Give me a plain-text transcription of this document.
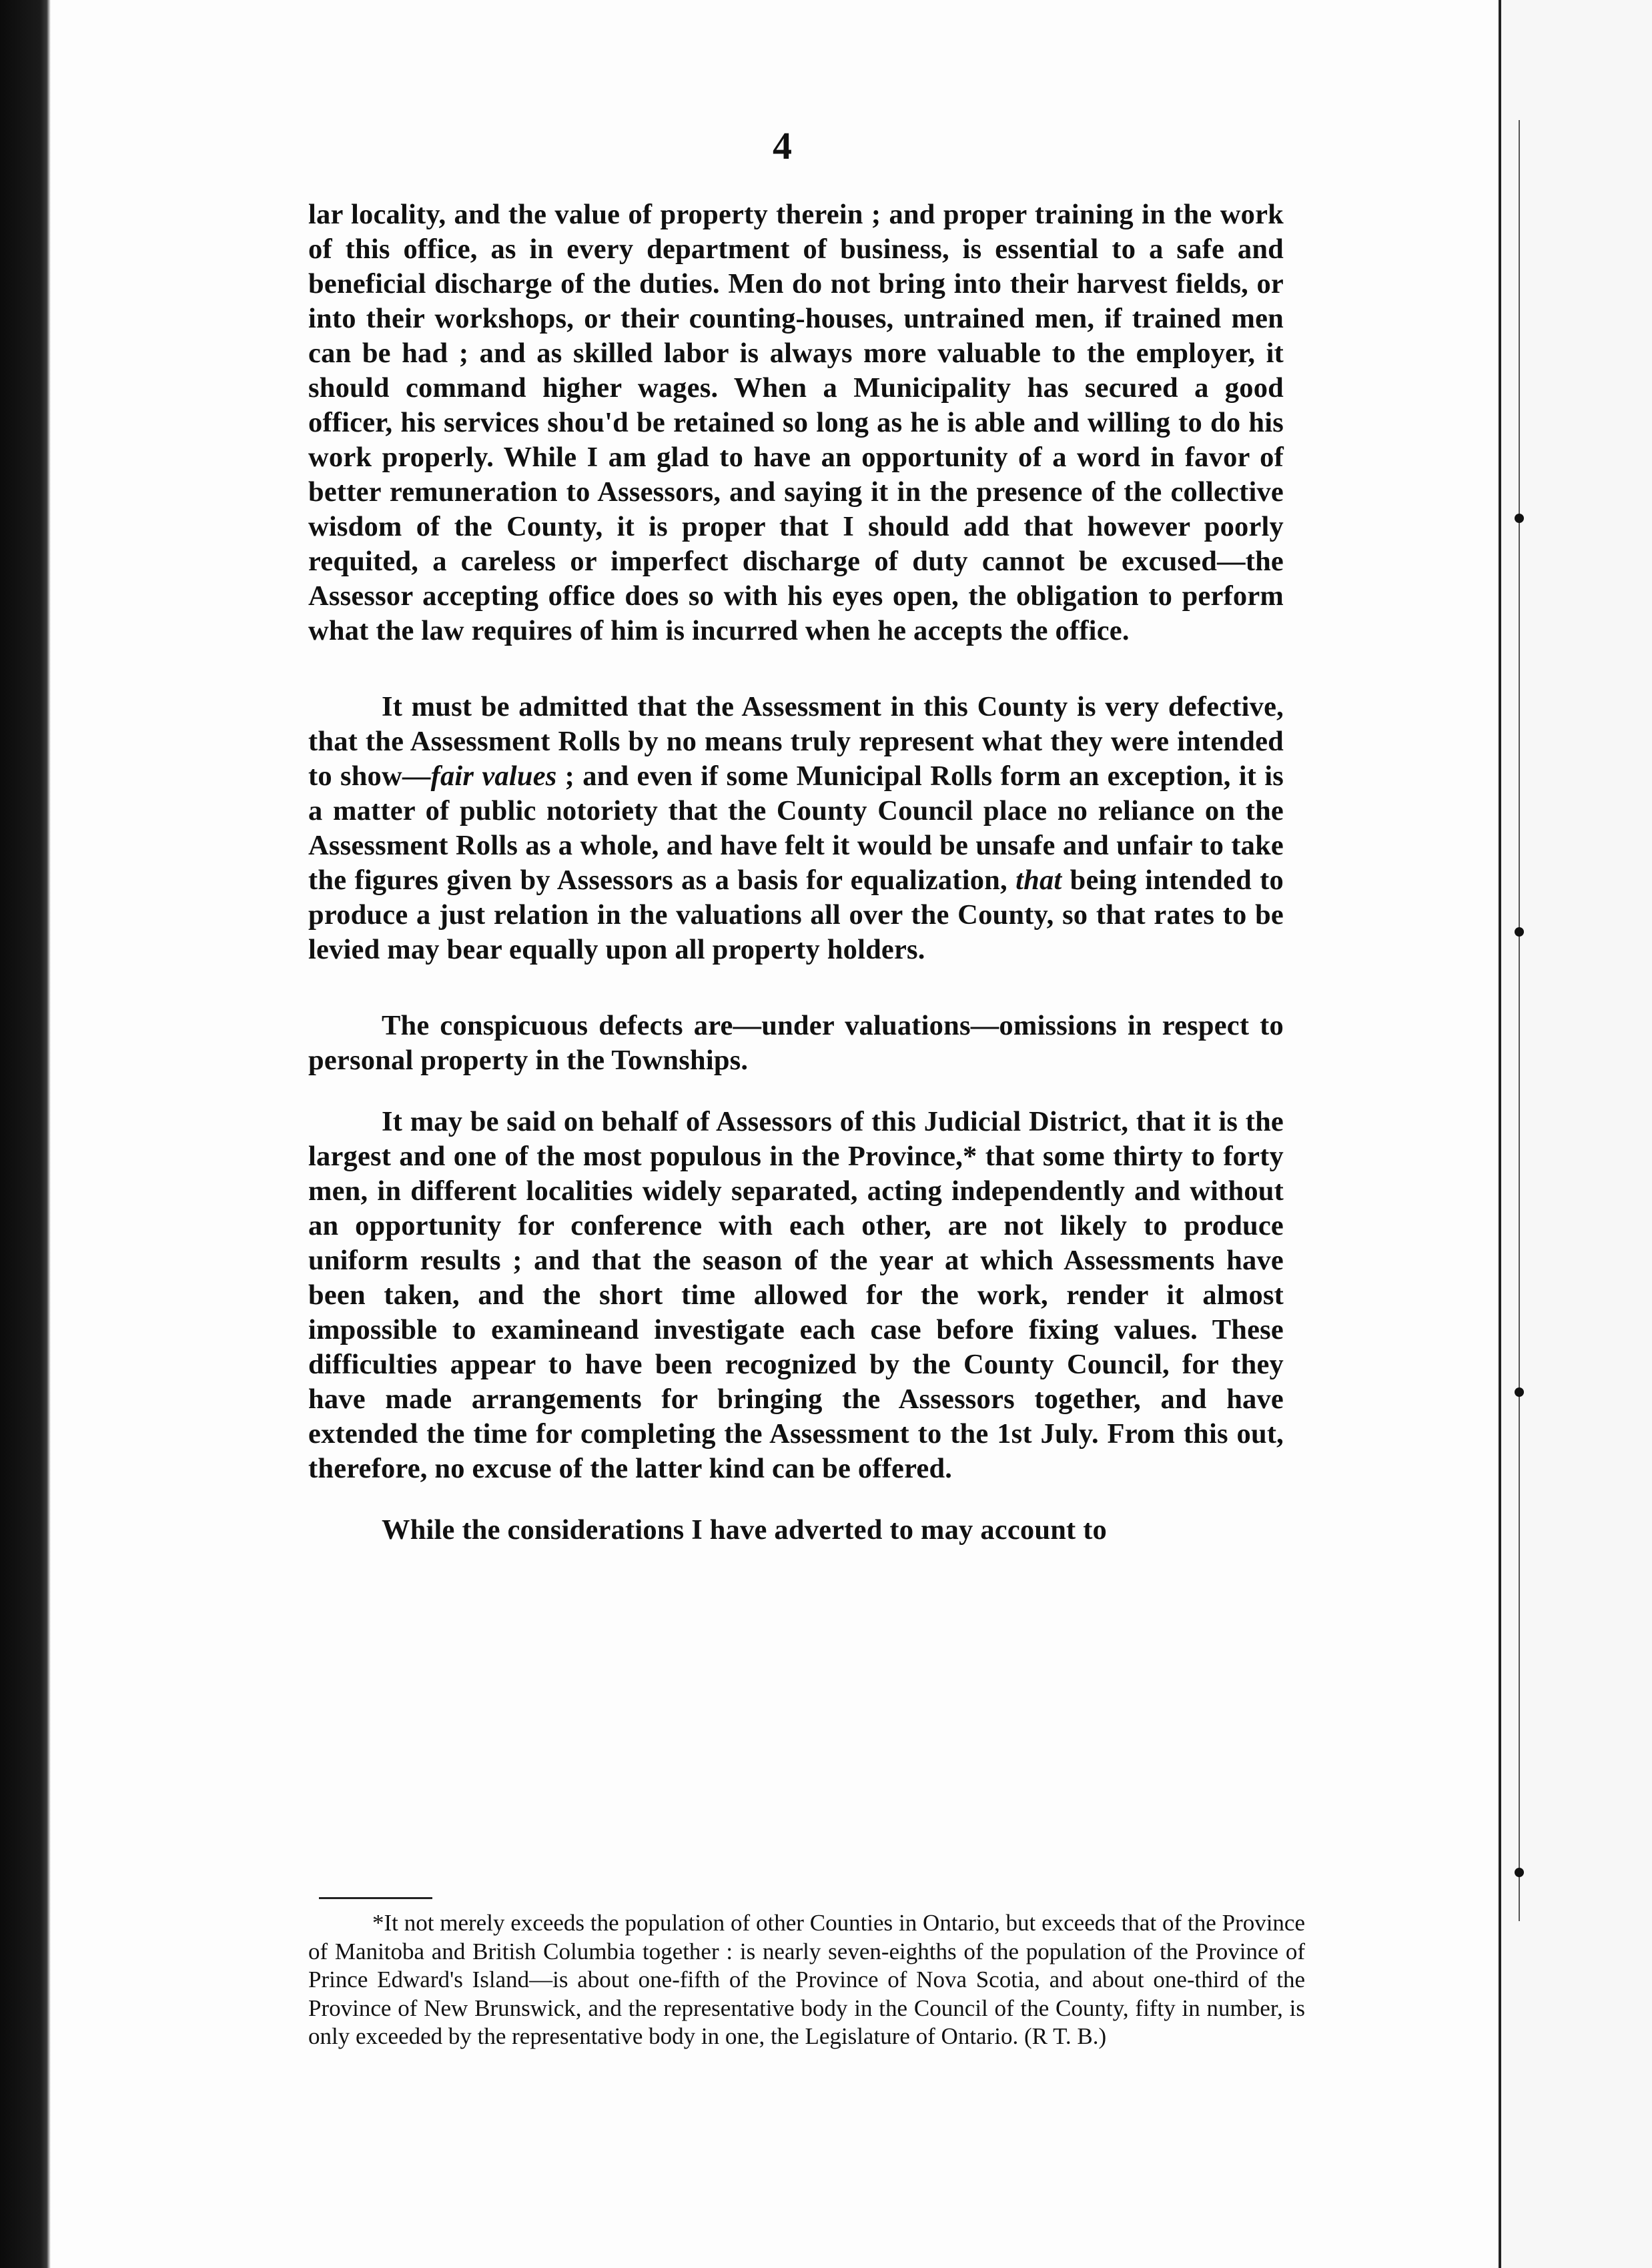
4

lar locality, and the value of property therein ; and proper training in the work of this office, as in every department of business, is essential to a safe and beneficial discharge of the duties. Men do not bring into their harvest fields, or into their workshops, or their counting-houses, untrained men, if trained men can be had ; and as skilled labor is always more valuable to the employer, it should command higher wages. When a Municipality has secured a good officer, his services shou'd be retained so long as he is able and willing to do his work properly. While I am glad to have an opportunity of a word in favor of better remuneration to Assessors, and saying it in the presence of the collective wisdom of the County, it is proper that I should add that however poorly requited, a careless or imperfect discharge of duty cannot be excused—the Assessor accepting office does so with his eyes open, the obligation to perform what the law requires of him is incurred when he accepts the office.

It must be admitted that the Assessment in this County is very defective, that the Assessment Rolls by no means truly represent what they were intended to show—fair values ; and even if some Municipal Rolls form an exception, it is a matter of public notoriety that the County Council place no reliance on the Assessment Rolls as a whole, and have felt it would be unsafe and unfair to take the figures given by Assessors as a basis for equalization, that being intended to produce a just relation in the valuations all over the County, so that rates to be levied may bear equally upon all property holders.

The conspicuous defects are—under valuations—omissions in respect to personal property in the Townships.

It may be said on behalf of Assessors of this Judicial District, that it is the largest and one of the most populous in the Province,* that some thirty to forty men, in different localities widely separated, acting independently and without an opportunity for conference with each other, are not likely to produce uniform results ; and that the season of the year at which Assessments have been taken, and the short time allowed for the work, render it almost impossible to examineand investigate each case before fixing values. These difficulties appear to have been recognized by the County Council, for they have made arrangements for bringing the Assessors together, and have extended the time for completing the Assessment to the 1st July. From this out, therefore, no excuse of the latter kind can be offered.

While the considerations I have adverted to may account to

*It not merely exceeds the population of other Counties in Ontario, but exceeds that of the Province of Manitoba and British Columbia together : is nearly seven-eighths of the population of the Province of Prince Edward's Island—is about one-fifth of the Province of Nova Scotia, and about one-third of the Province of New Brunswick, and the representative body in the Council of the County, fifty in number, is only exceeded by the representative body in one, the Legislature of Ontario. (R T. B.)
